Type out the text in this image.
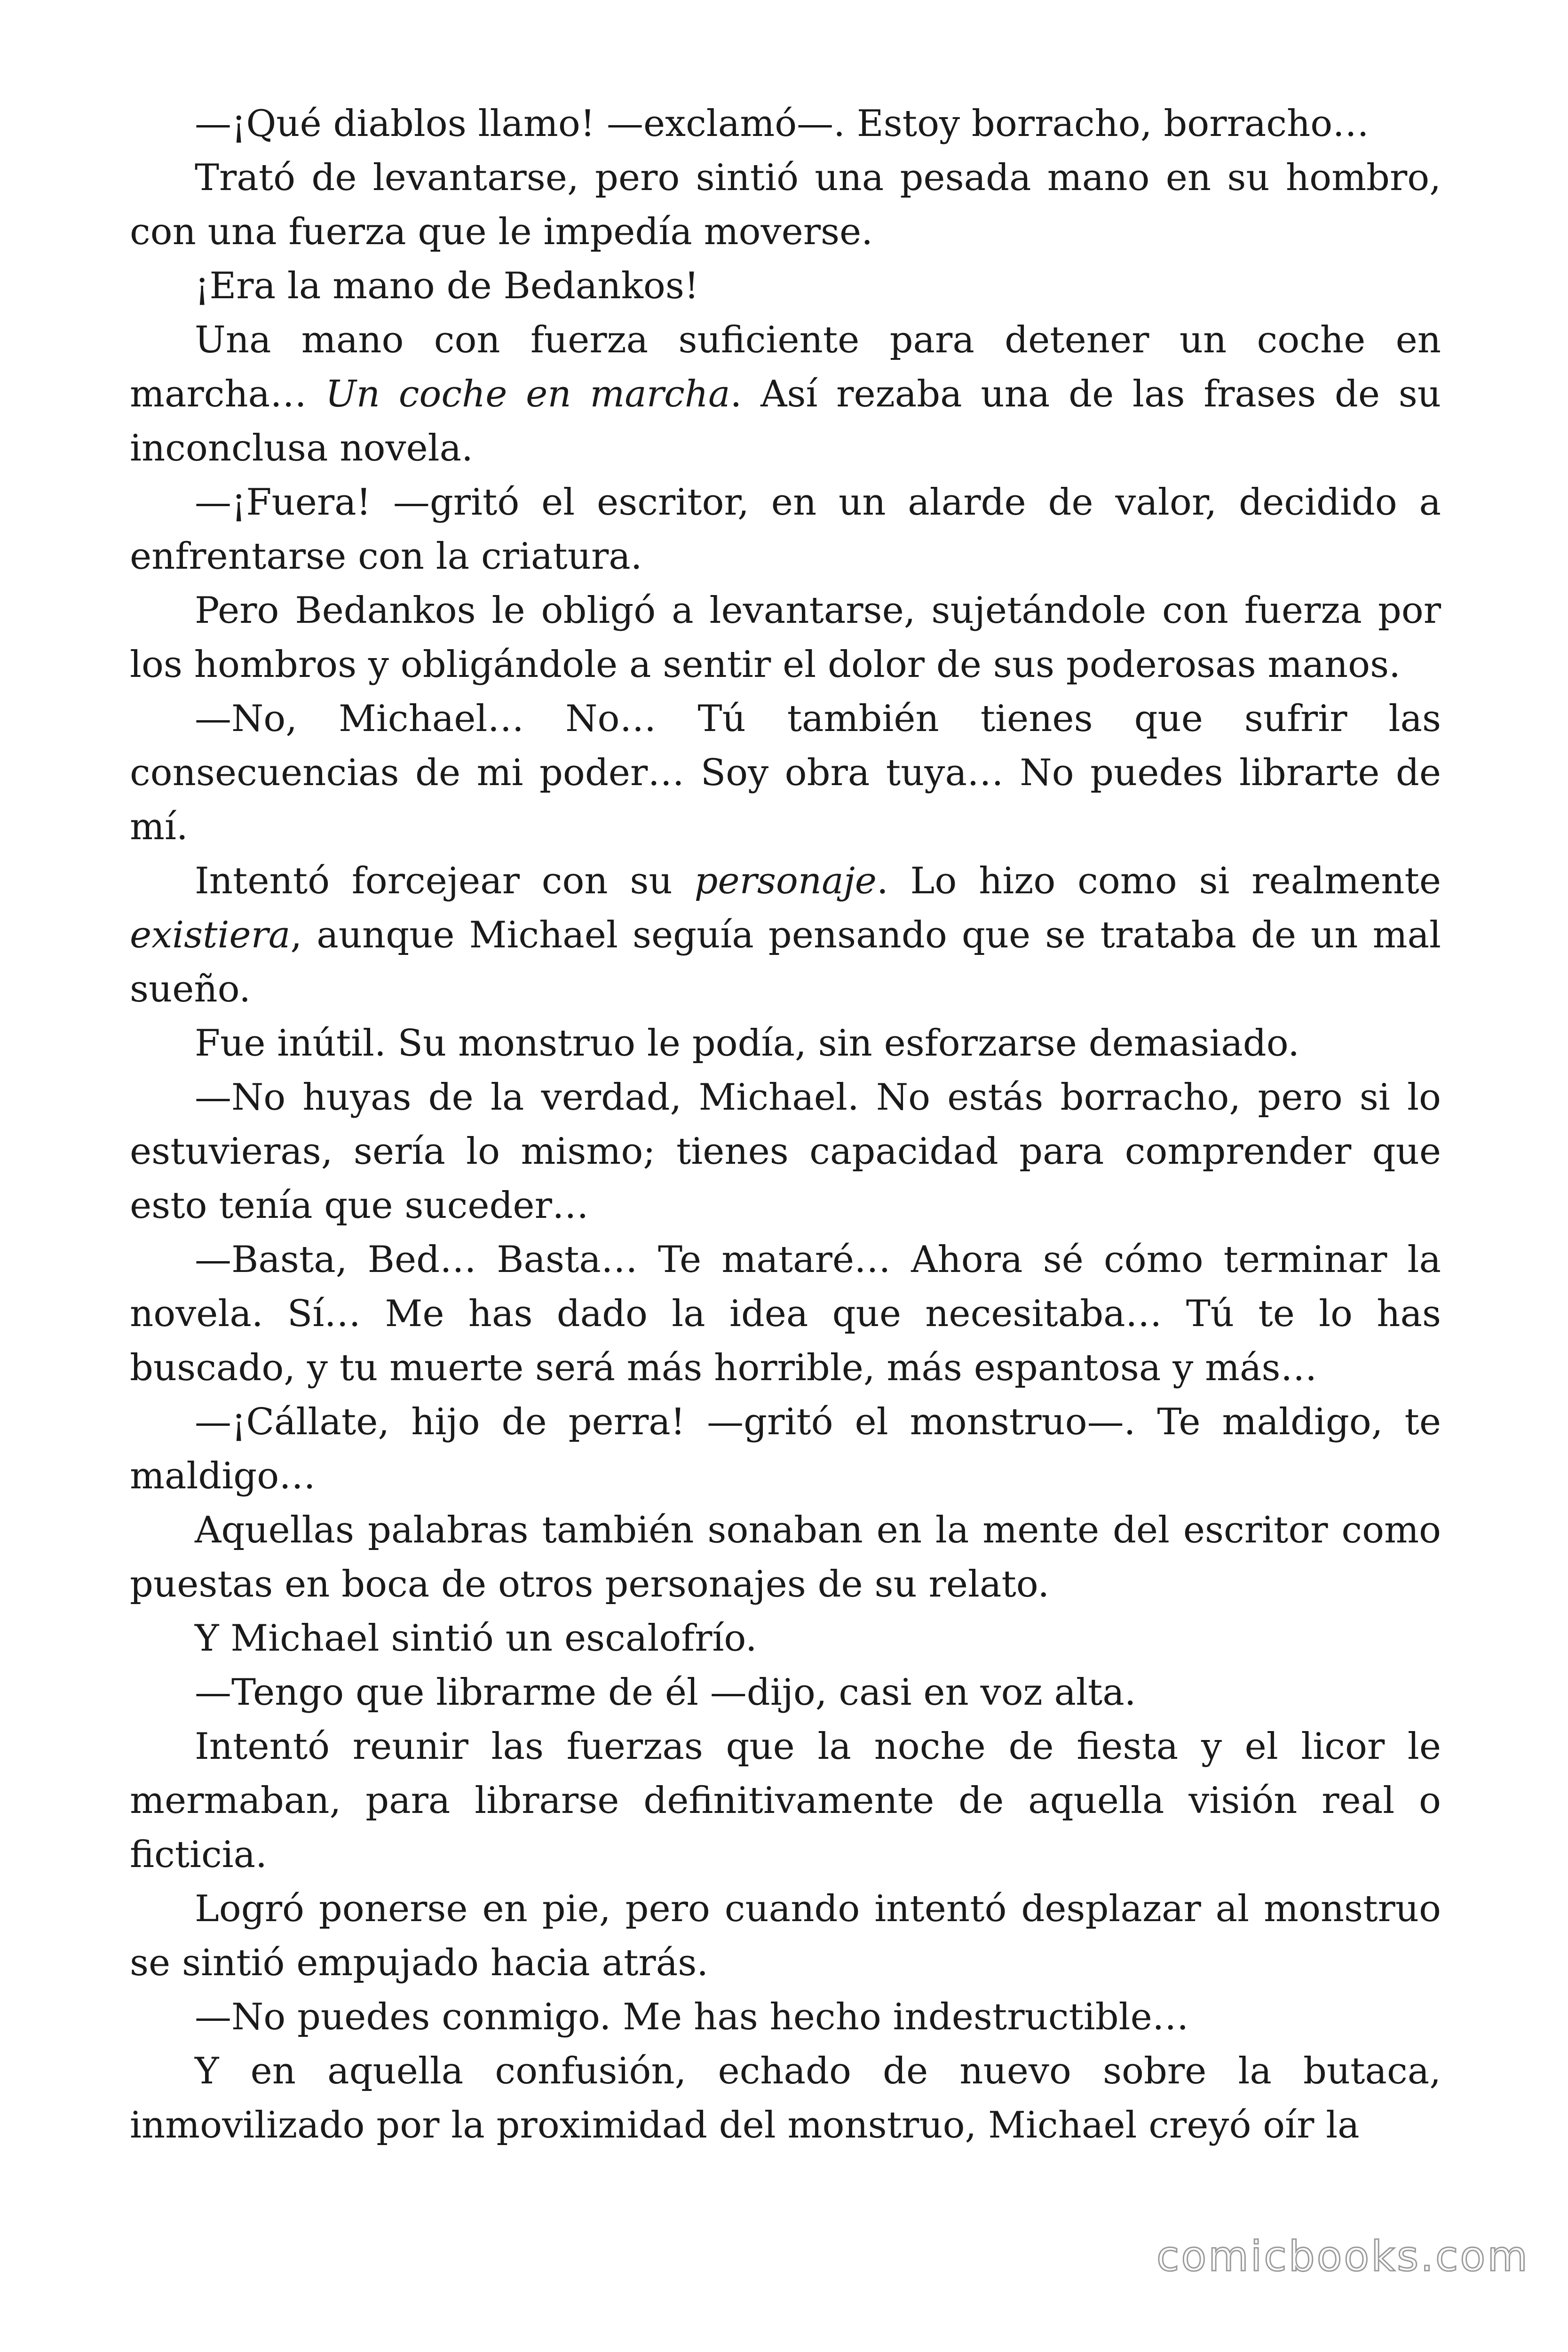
—¡Qué diablos llamo! —exclamó—. Estoy borracho, borracho…

Trató de levantarse, pero sintió una pesada mano en su hombro, con una fuerza que le impedía moverse.

¡Era la mano de Bedankos!

Una mano con fuerza suficiente para detener un coche en marcha… Un coche en marcha. Así rezaba una de las frases de su inconclusa novela.

—¡Fuera! —gritó el escritor, en un alarde de valor, decidido a enfrentarse con la criatura.

Pero Bedankos le obligó a levantarse, sujetándole con fuerza por los hombros y obligándole a sentir el dolor de sus poderosas manos.

—No, Michael… No… Tú también tienes que sufrir las consecuencias de mi poder… Soy obra tuya… No puedes librarte de mí.

Intentó forcejear con su personaje. Lo hizo como si realmente existiera, aunque Michael seguía pensando que se trataba de un mal sueño.

Fue inútil. Su monstruo le podía, sin esforzarse demasiado.

—No huyas de la verdad, Michael. No estás borracho, pero si lo estuvieras, sería lo mismo; tienes capacidad para comprender que esto tenía que suceder…

—Basta, Bed… Basta… Te mataré… Ahora sé cómo terminar la novela. Sí… Me has dado la idea que necesitaba… Tú te lo has buscado, y tu muerte será más horrible, más espantosa y más…

—¡Cállate, hijo de perra! —gritó el monstruo—. Te maldigo, te maldigo…

Aquellas palabras también sonaban en la mente del escritor como puestas en boca de otros personajes de su relato.

Y Michael sintió un escalofrío.

—Tengo que librarme de él —dijo, casi en voz alta.

Intentó reunir las fuerzas que la noche de fiesta y el licor le mermaban, para librarse definitivamente de aquella visión real o ficticia.

Logró ponerse en pie, pero cuando intentó desplazar al monstruo se sintió empujado hacia atrás.

—No puedes conmigo. Me has hecho indestructible…

Y en aquella confusión, echado de nuevo sobre la butaca, inmovilizado por la proximidad del monstruo, Michael creyó oír la

comicbooks.com
